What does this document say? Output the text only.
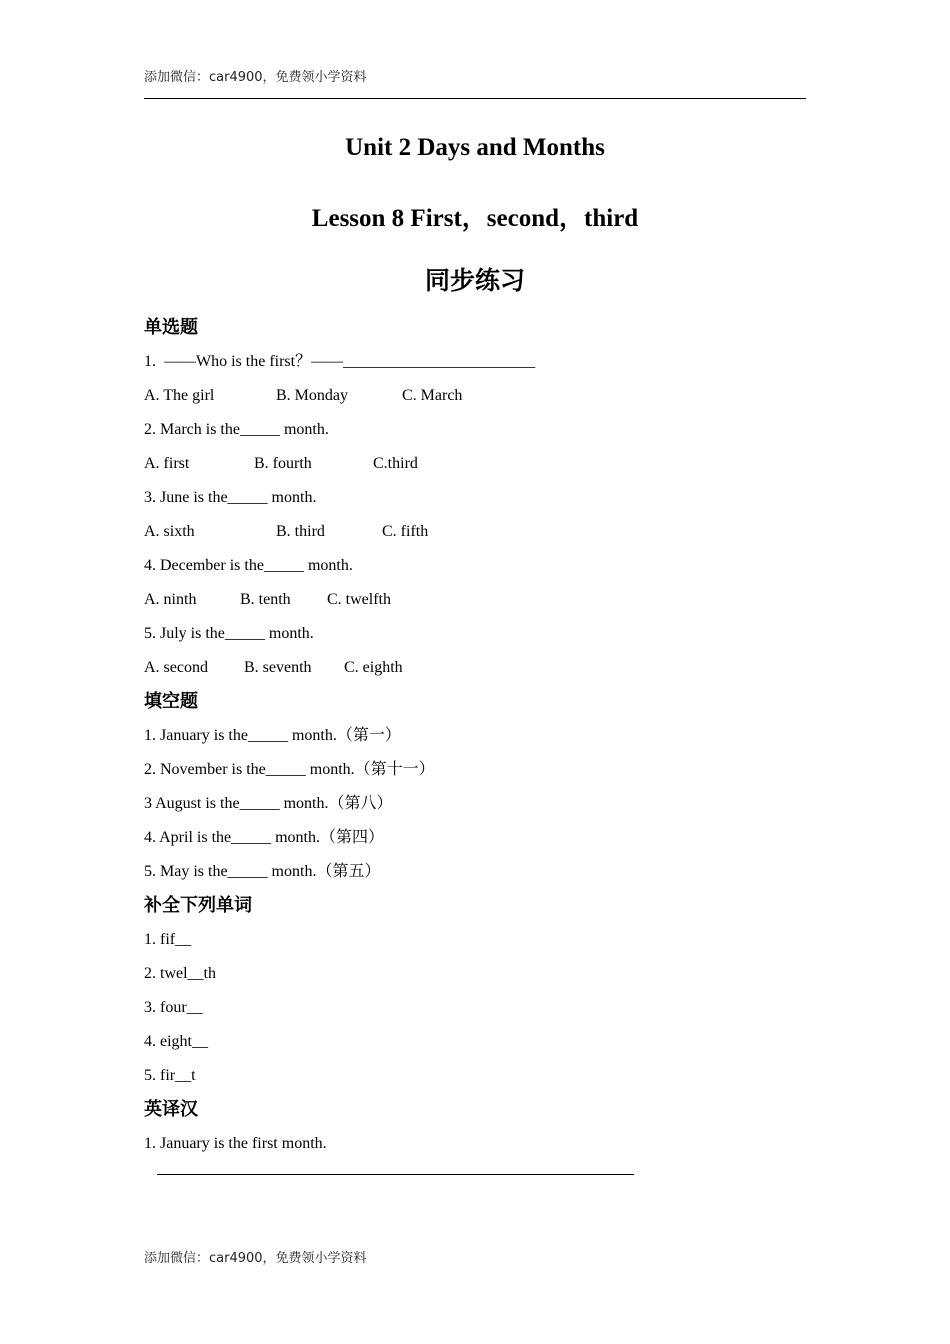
添加微信：car4900，免费领小学资料
Unit 2 Days and Months
Lesson 8 First，second，third
同步练习
单选题
1.  ——Who is the first？——________________________

A. The girl

	B. Monday

	C. March

2. March is the_____ month.

A. first

	B. fourth

	C.third

3. June is the_____ month.

A. sixth

	B. third

	C. fifth

4. December is the_____ month.

A. ninth

	B. tenth

C. twelfth

5. July is the_____ month.

A. second

B. seventh

C. eighth

填空题
1. January is the_____ month.（第一）
2. November is the_____ month.（第十一）
3 August is the_____ month.（第八）
4. April is the_____ month.（第四）
5. May is the_____ month.（第五）
补全下列单词
1. fif__
2. twel__th
3. four__
4. eight__
5. fir__t
英译汉
1. January is the first month.
添加微信：car4900，免费领小学资料
